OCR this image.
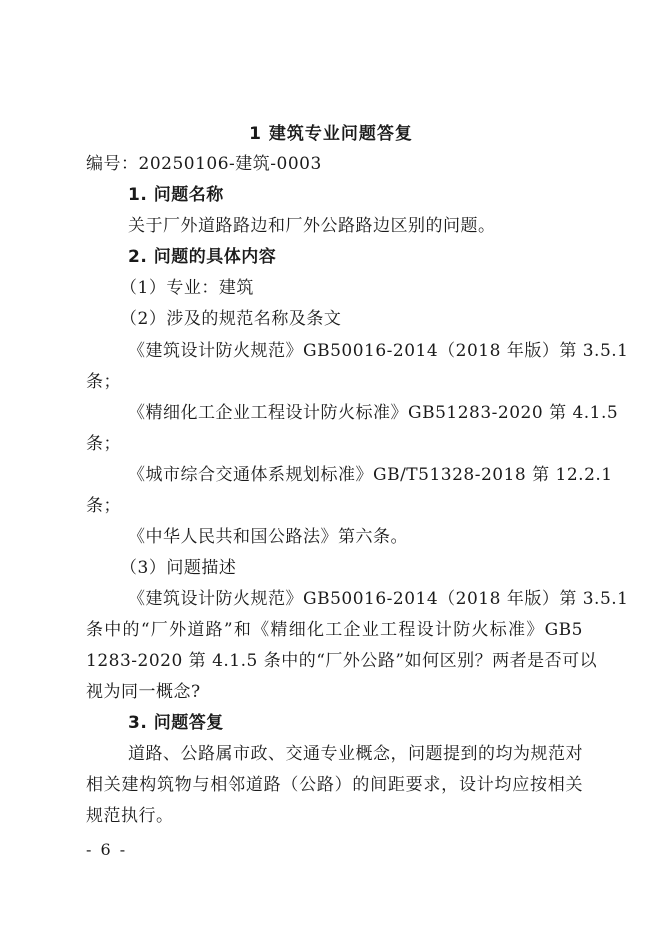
1 建筑专业问题答复
编号：20250106-建筑-0003
1. 问题名称
关于厂外道路路边和厂外公路路边区别的问题。
2. 问题的具体内容
（1）专业：建筑
（2）涉及的规范名称及条文
《建筑设计防火规范》GB50016-2014（2018 年版）第 3.5.1
条；
《精细化工企业工程设计防火标准》GB51283-2020 第 4.1.5
条；
《城市综合交通体系规划标准》GB/T51328-2018 第 12.2.1
条；
《中华人民共和国公路法》第六条。
（3）问题描述
《建筑设计防火规范》GB50016-2014（2018 年版）第 3.5.1
条中的“厂外道路”和《精细化工企业工程设计防火标准》GB5
1283-2020 第 4.1.5 条中的“厂外公路”如何区别？两者是否可以
视为同一概念?
3. 问题答复
道路、公路属市政、交通专业概念，问题提到的均为规范对
相关建构筑物与相邻道路（公路）的间距要求，设计均应按相关
规范执行。
- 6 -
